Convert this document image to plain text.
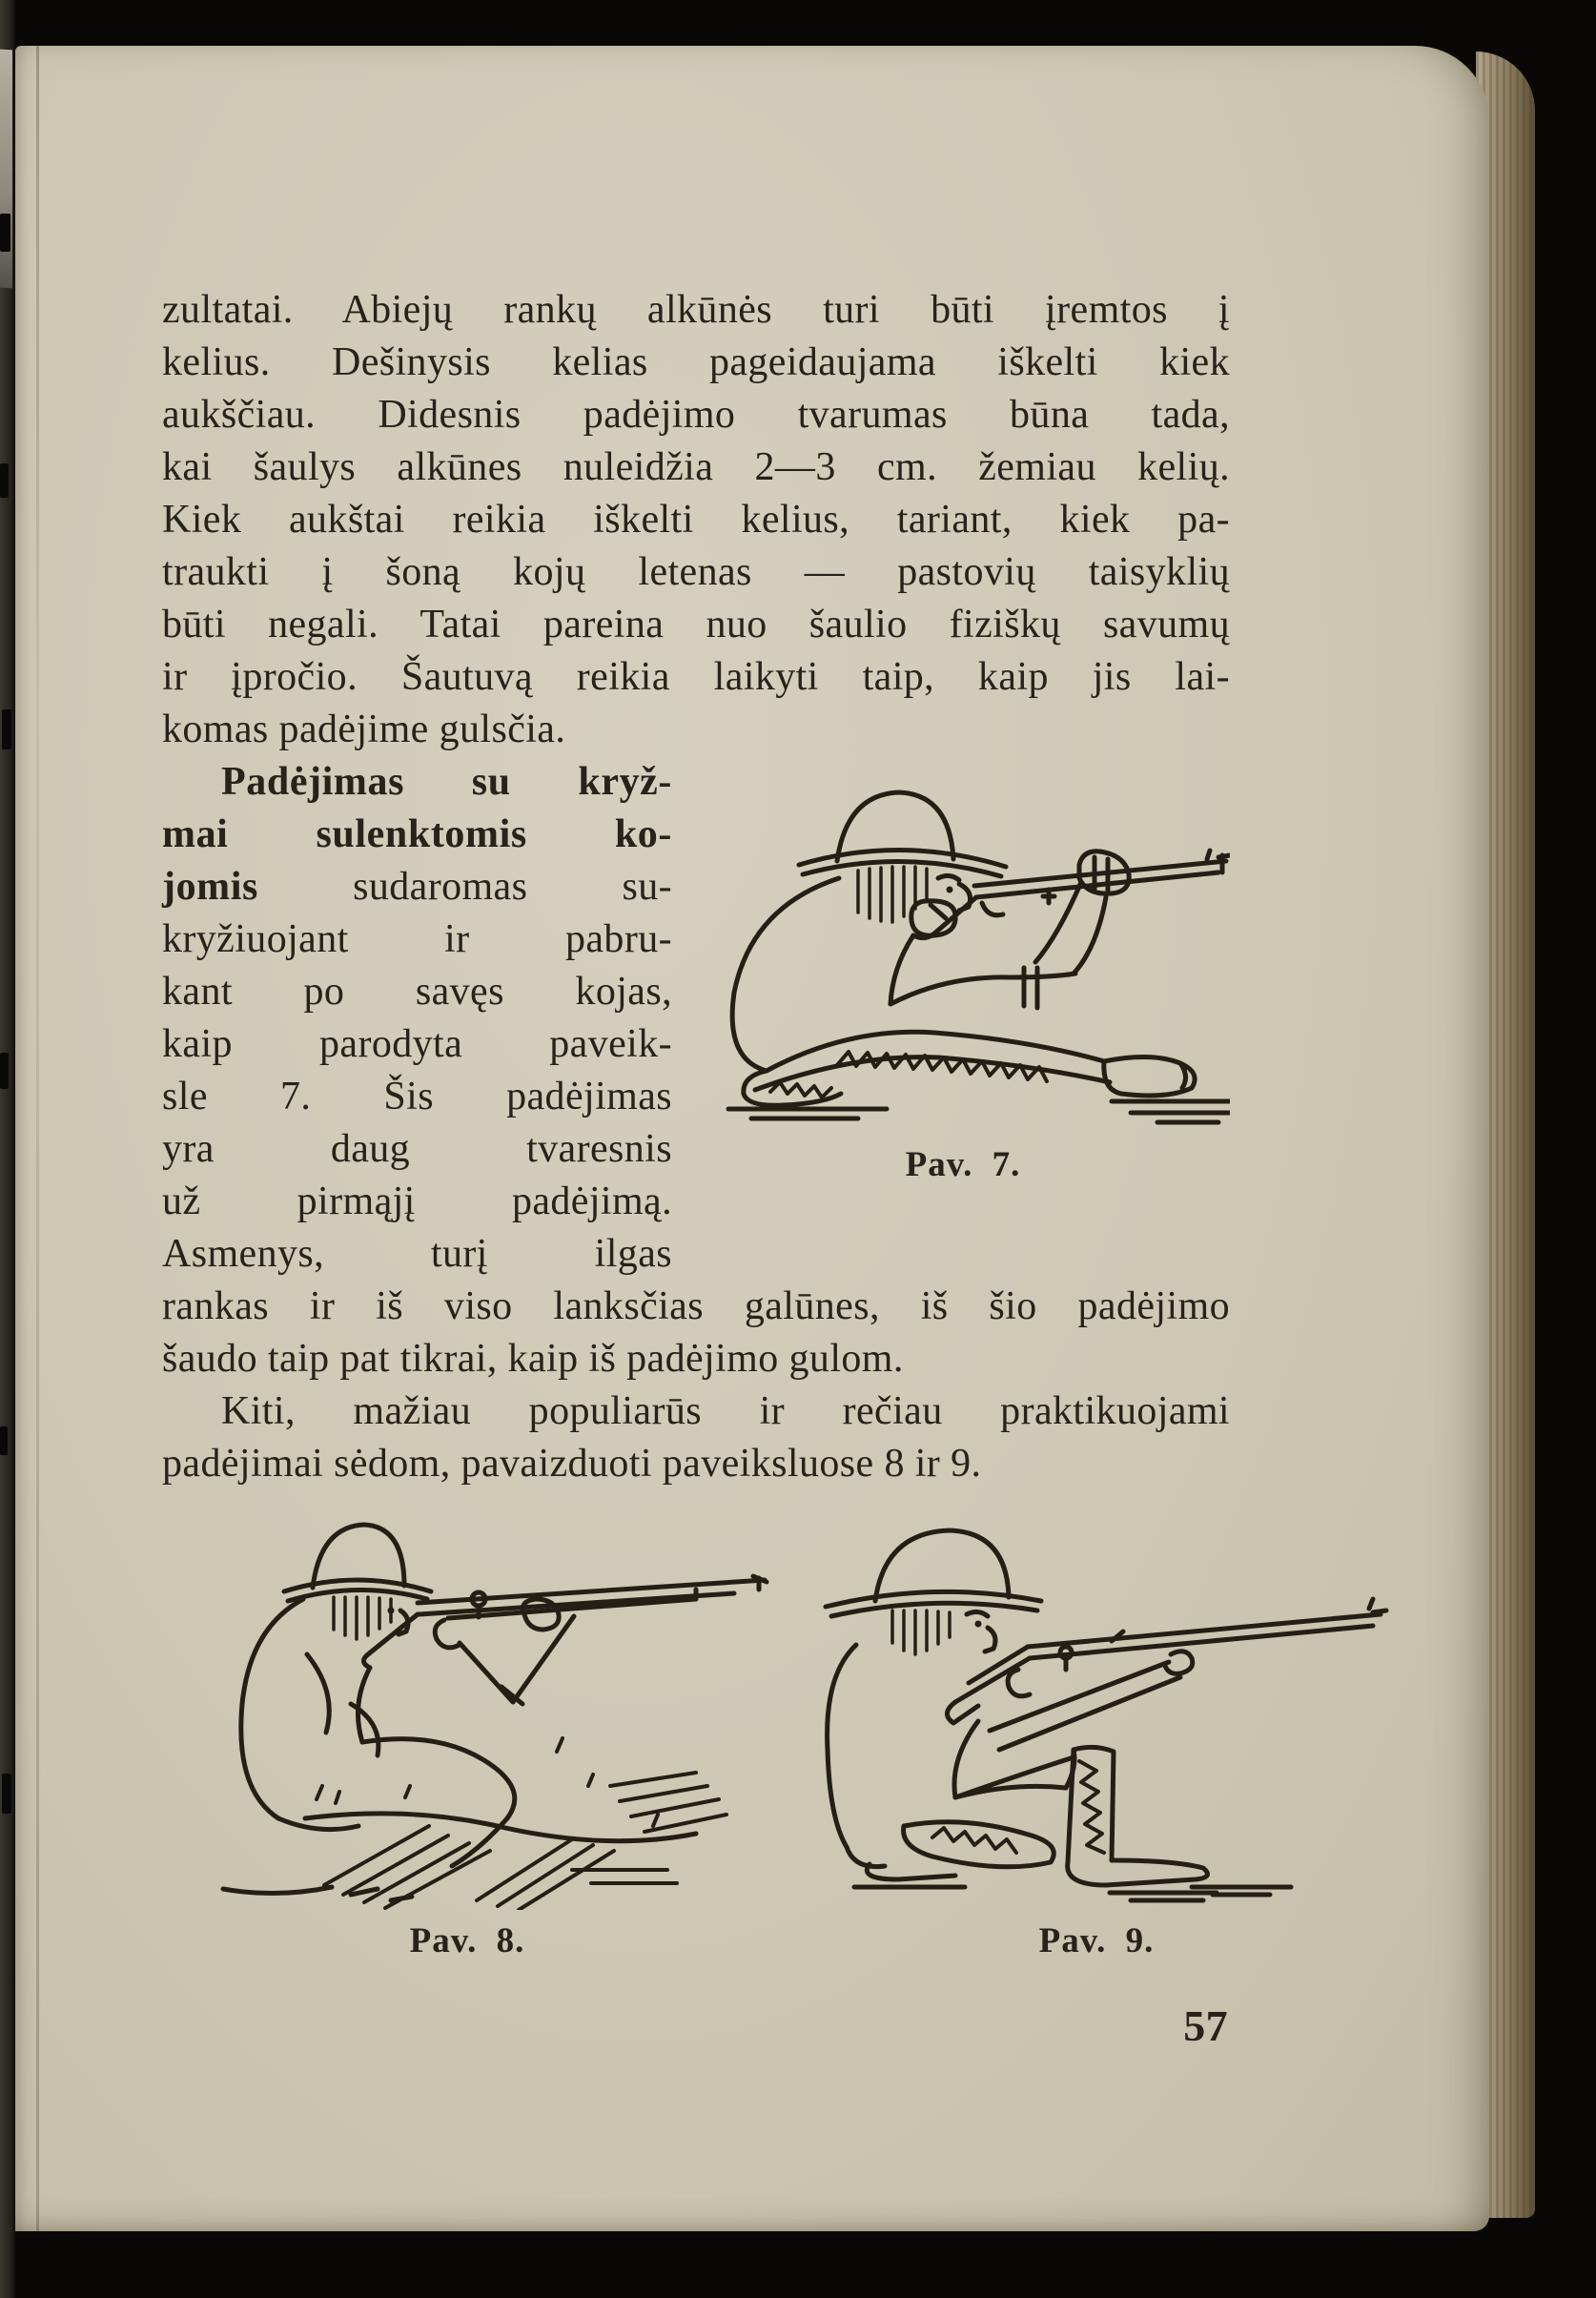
zultatai. Abiejų rankų alkūnės turi būti įremtos į
kelius. Dešinysis kelias pageidaujama iškelti kiek
aukščiau. Didesnis padėjimo tvarumas būna tada,
kai šaulys alkūnes nuleidžia 2—3 cm. žemiau kelių.
Kiek aukštai reikia iškelti kelius, tariant, kiek pa-
traukti į šoną kojų letenas — pastovių taisyklių
būti negali. Tatai pareina nuo šaulio fiziškų savumų
ir įpročio. Šautuvą reikia laikyti taip, kaip jis lai-
komas padėjime gulsčia.
Padėjimas su kryž-
mai sulenktomis ko-
jomis sudaromas su-
kryžiuojant ir pabru-
kant po savęs kojas,
kaip parodyta paveik-
sle 7. Šis padėjimas
yra daug tvaresnis
už pirmąjį padėjimą.
Asmenys, turį ilgas
Pav. 7.
rankas ir iš viso lanksčias galūnes, iš šio padėjimo
šaudo taip pat tikrai, kaip iš padėjimo gulom.
Kiti, mažiau populiarūs ir rečiau praktikuojami
padėjimai sėdom, pavaizduoti paveiksluose 8 ir 9.
Pav. 8.	Pav. 9.
57
